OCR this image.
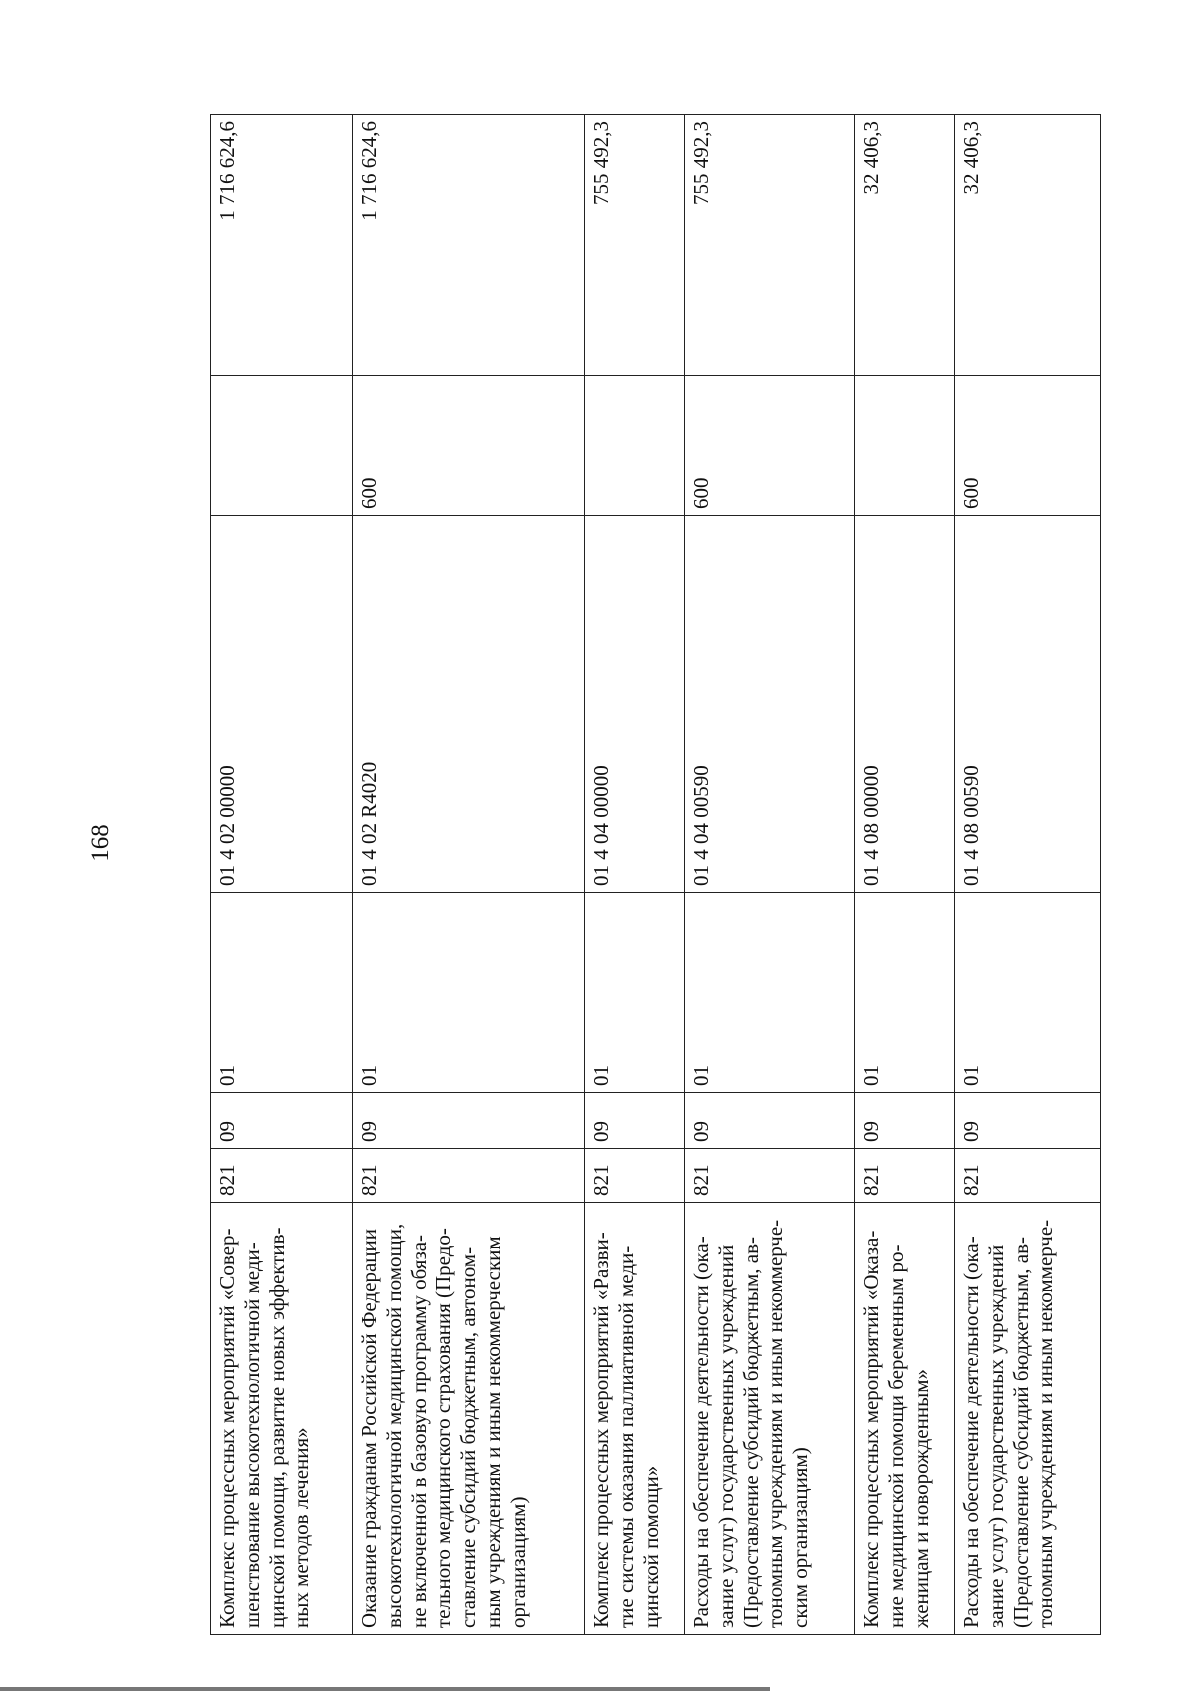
168
Комплекс процессных мероприятий «Совер-шенствование высокотехнологичной меди-цинской помощи, развитие новых эффектив-ных методов лечения»	821	09	01	01 4 02 00000		1 716 624,6
Оказание гражданам Российской Федерации высокотехнологичной медицинской помощи, не включенной в базовую программу обяза-тельного медицинского страхования (Предо-ставление субсидий бюджетным, автоном-ным учреждениям и иным некоммерческим организациям)	821	09	01	01 4 02 R4020	600	1 716 624,6
Комплекс процессных мероприятий «Разви-тие системы оказания паллиативной меди-цинской помощи»	821	09	01	01 4 04 00000		755 492,3
Расходы на обеспечение деятельности (ока-зание услуг) государственных учреждений (Предоставление субсидий бюджетным, ав-тономным учреждениям и иным некоммерче-ским организациям)	821	09	01	01 4 04 00590	600	755 492,3
Комплекс процессных мероприятий «Оказа-ние медицинской помощи беременным ро-женицам и новорожденным»	821	09	01	01 4 08 00000		32 406,3
Расходы на обеспечение деятельности (ока-зание услуг) государственных учреждений (Предоставление субсидий бюджетным, ав-тономным учреждениям и иным некоммерче-	821	09	01	01 4 08 00590	600	32 406,3
